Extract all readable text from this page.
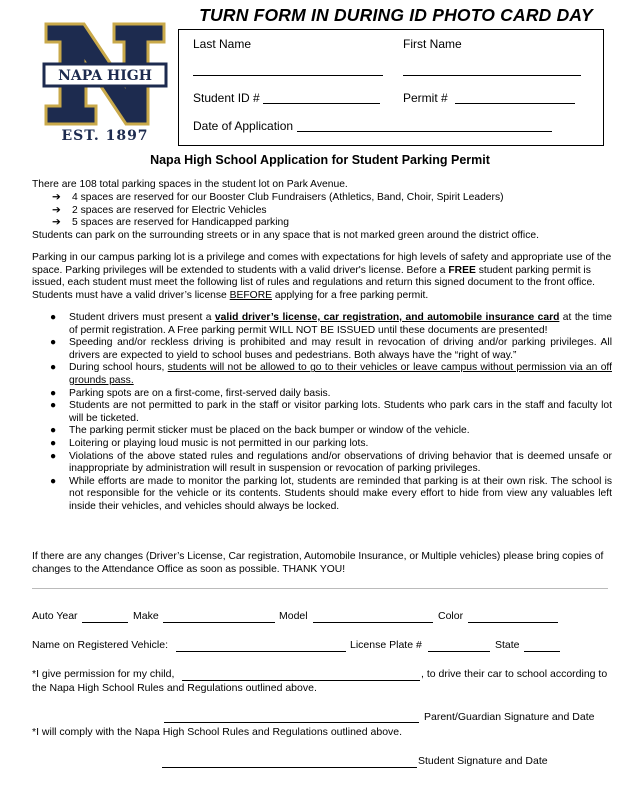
NAPA HIGH
EST. 1897
TURN FORM IN DURING ID PHOTO CARD DAY
Last Name	First Name
Student ID #	Permit #
Date of Application
Napa High School Application for Student Parking Permit
There are 108 total parking spaces in the student lot on Park Avenue.
➔ 4 spaces are reserved for our Booster Club Fundraisers (Athletics, Band, Choir, Spirit Leaders)
➔ 2 spaces are reserved for Electric Vehicles
➔ 5 spaces are reserved for Handicapped parking
Students can park on the surrounding streets or in any space that is not marked green around the district office.
Parking in our campus parking lot is a privilege and comes with expectations for high levels of safety and appropriate use of the space. Parking privileges will be extended to students with a valid driver's license. Before a FREE student parking permit is issued, each student must meet the following list of rules and regulations and return this signed document to the front office. Students must have a valid driver’s license BEFORE applying for a free parking permit.
● Student drivers must present a valid driver’s license, car registration, and automobile insurance card at the time of permit registration. A Free parking permit WILL NOT BE ISSUED until these documents are presented!
● Speeding and/or reckless driving is prohibited and may result in revocation of driving and/or parking privileges. All drivers are expected to yield to school buses and pedestrians. Both always have the “right of way.”
● During school hours, students will not be allowed to go to their vehicles or leave campus without permission via an off grounds pass.
● Parking spots are on a first-come, first-served daily basis.
● Students are not permitted to park in the staff or visitor parking lots. Students who park cars in the staff and faculty lot will be ticketed.
● The parking permit sticker must be placed on the back bumper or window of the vehicle.
● Loitering or playing loud music is not permitted in our parking lots.
● Violations of the above stated rules and regulations and/or observations of driving behavior that is deemed unsafe or inappropriate by administration will result in suspension or revocation of parking privileges.
● While efforts are made to monitor the parking lot, students are reminded that parking is at their own risk. The school is not responsible for the vehicle or its contents. Students should make every effort to hide from view any valuables left inside their vehicles, and vehicles should always be locked.
If there are any changes (Driver’s License, Car registration, Automobile Insurance, or Multiple vehicles) please bring copies of changes to the Attendance Office as soon as possible. THANK YOU!
Auto Year	Make	Model	Color
Name on Registered Vehicle:	License Plate #	State
*I give permission for my child,	, to drive their car to school according to
the Napa High School Rules and Regulations outlined above.
Parent/Guardian Signature and Date
*I will comply with the Napa High School Rules and Regulations outlined above.
Student Signature and Date
